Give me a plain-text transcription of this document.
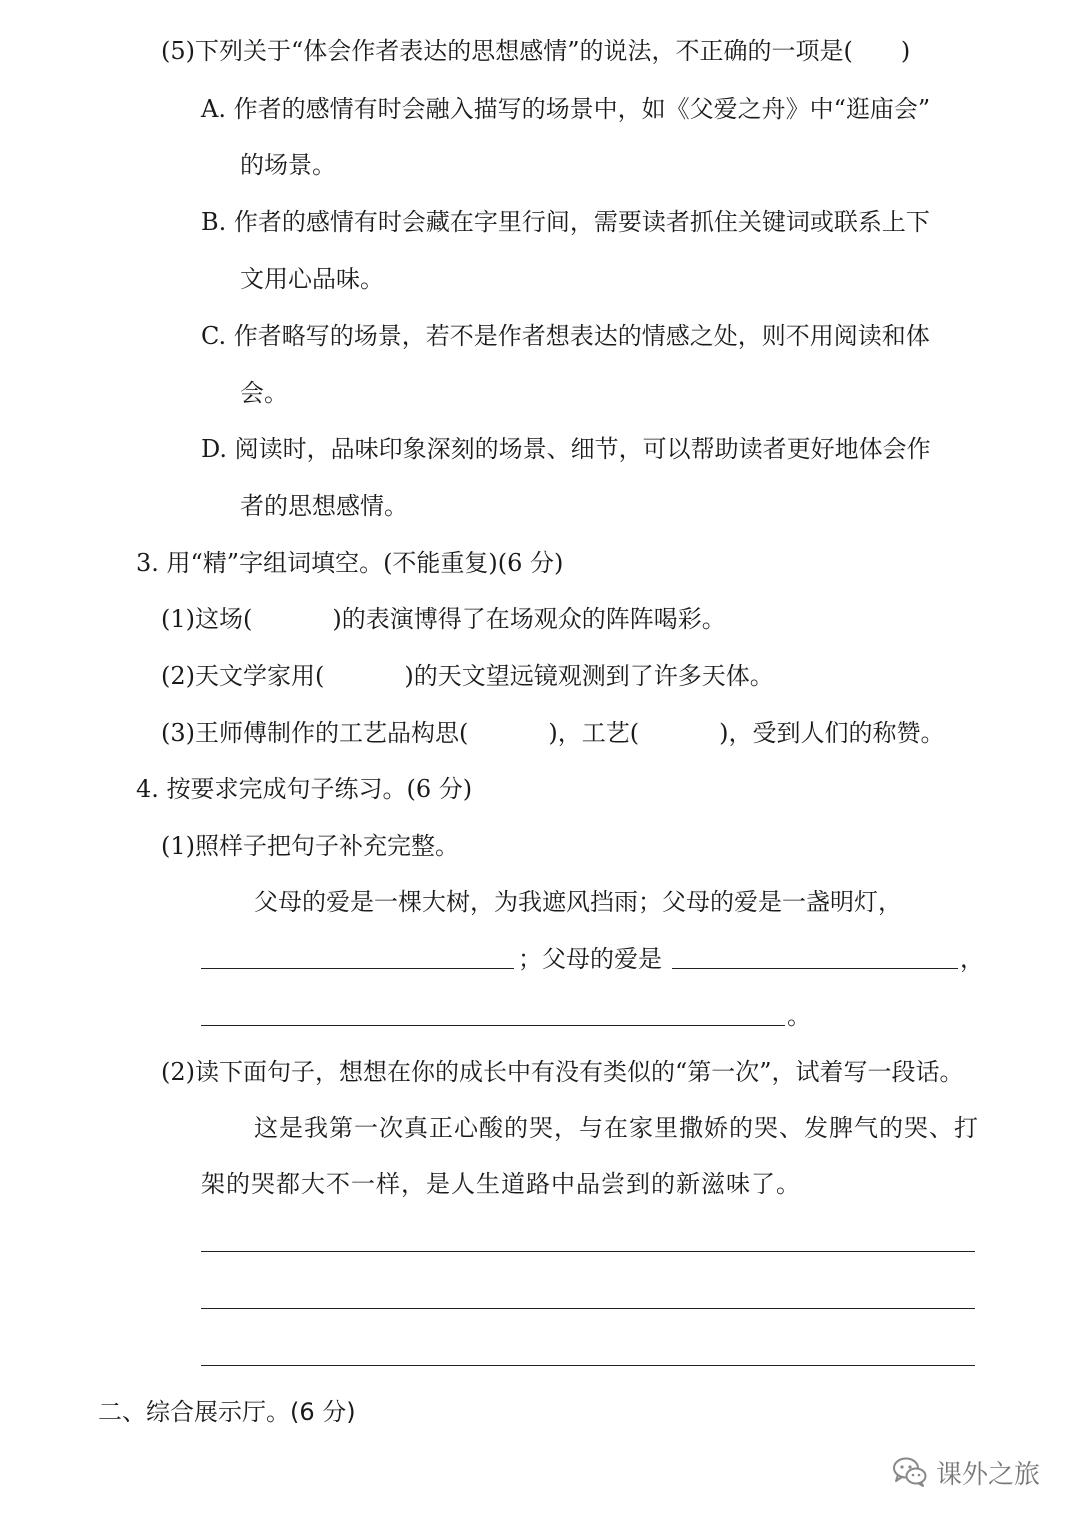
(5)下列关于“体会作者表达的思想感情”的说法，不正确的一项是(　　)
A. 作者的感情有时会融入描写的场景中，如《父爱之舟》中“逛庙会”
的场景。
B. 作者的感情有时会藏在字里行间，需要读者抓住关键词或联系上下
文用心品味。
C. 作者略写的场景，若不是作者想表达的情感之处，则不用阅读和体
会。
D. 阅读时，品味印象深刻的场景、细节，可以帮助读者更好地体会作
者的思想感情。
3. 用“精”字组词填空。(不能重复)(6 分)
(1)这场(	)的表演博得了在场观众的阵阵喝彩。
(2)天文学家用(	)的天文望远镜观测到了许多天体。
(3)王师傅制作的工艺品构思(	)，工艺(	)，受到人们的称赞。
4. 按要求完成句子练习。(6 分)
(1)照样子把句子补充完整。
父母的爱是一棵大树，为我遮风挡雨；父母的爱是一盏明灯，
；父母的爱是	，
。
(2)读下面句子，想想在你的成长中有没有类似的“第一次”，试着写一段话。
这是我第一次真正心酸的哭，与在家里撒娇的哭、发脾气的哭、打
架的哭都大不一样，是人生道路中品尝到的新滋味了。
二、综合展示厅。(6 分)
课外之旅
